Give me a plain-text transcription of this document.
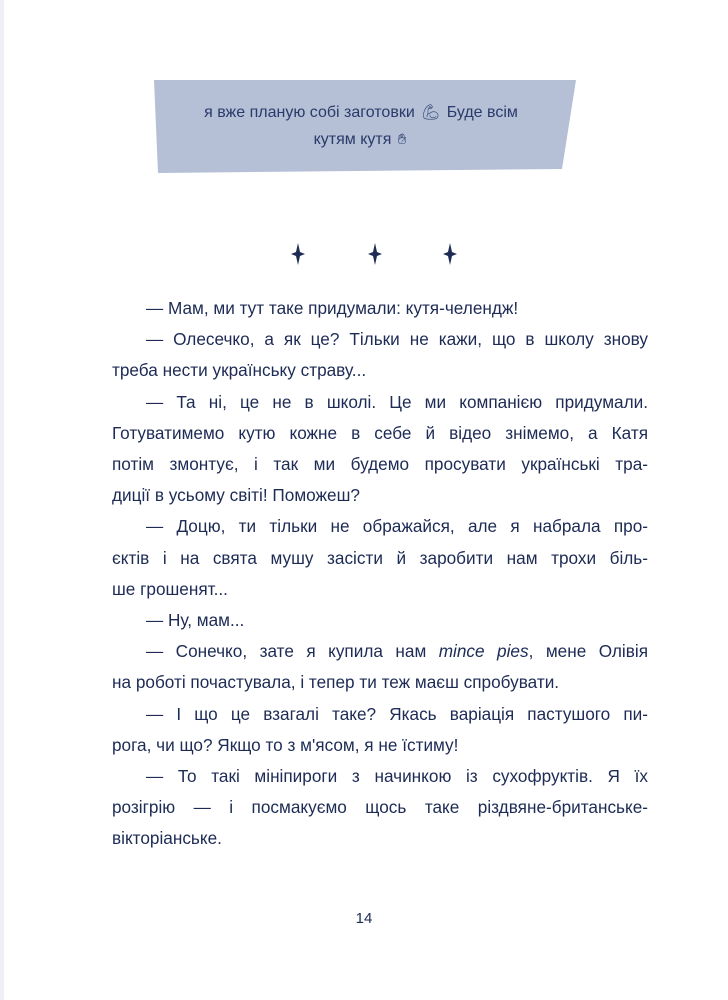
я вже планую собі заготовки 💪︎ Буде всім
кутям кутя ✋︎

— Мам, ми тут таке придумали: кутя-челендж!

— Олесечко, а як це? Тільки не кажи, що в школу знову
треба нести українську страву...

— Та ні, це не в школі. Це ми компанією придумали.
Готуватимемо кутю кожне в себе й відео знімемо, а Катя
потім змонтує, і так ми будемо просувати українські тра-
диції в усьому світі! Поможеш?

— Доцю, ти тільки не ображайся, але я набрала про-
єктів і на свята мушу засісти й заробити нам трохи біль-
ше грошенят...

— Ну, мам...

— Сонечко, зате я купила нам mince pies, мене Олівія
на роботі почастувала, і тепер ти теж маєш спробувати.

— І що це взагалі таке? Якась варіація пастушого пи-
рога, чи що? Якщо то з м'ясом, я не їстиму!

— То такі мініпироги з начинкою із сухофруктів. Я їх
розігрію — і посмакуємо щось таке різдвяне-британське-
вікторіанське.

14
